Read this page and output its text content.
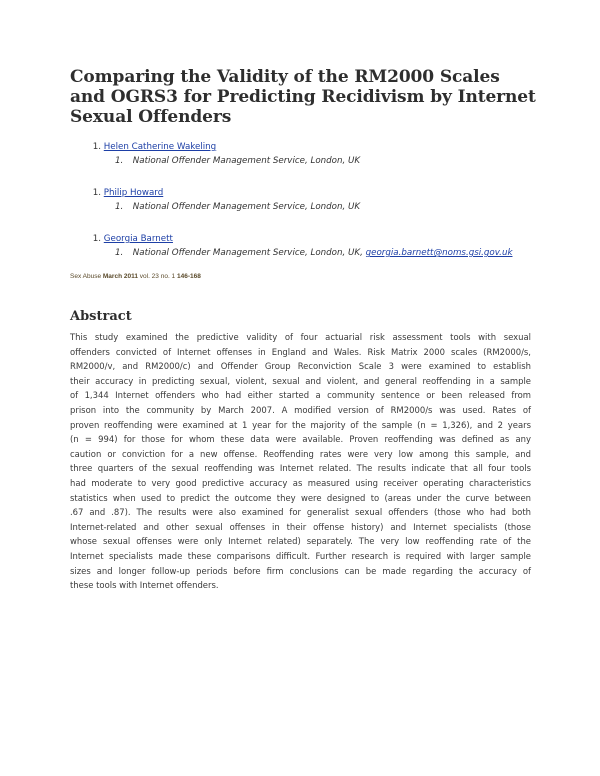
Comparing the Validity of the RM2000 Scales and OGRS3 for Predicting Recidivism by Internet Sexual Offenders
1. Helen Catherine Wakeling
1. National Offender Management Service, London, UK
1. Philip Howard
1. National Offender Management Service, London, UK
1. Georgia Barnett
1. National Offender Management Service, London, UK, georgia.barnett@noms.gsi.gov.uk
Sex Abuse March 2011 vol. 23 no. 1 146-168
Abstract

This study examined the predictive validity of four actuarial risk assessment tools with sexual
offenders convicted of Internet offenses in England and Wales. Risk Matrix 2000 scales (RM2000/s,
RM2000/v, and RM2000/c) and Offender Group Reconviction Scale 3 were examined to establish
their accuracy in predicting sexual, violent, sexual and violent, and general reoffending in a sample
of 1,344 Internet offenders who had either started a community sentence or been released from
prison into the community by March 2007. A modified version of RM2000/s was used. Rates of
proven reoffending were examined at 1 year for the majority of the sample (n = 1,326), and 2 years
(n = 994) for those for whom these data were available. Proven reoffending was defined as any
caution or conviction for a new offense. Reoffending rates were very low among this sample, and
three quarters of the sexual reoffending was Internet related. The results indicate that all four tools
had moderate to very good predictive accuracy as measured using receiver operating characteristics
statistics when used to predict the outcome they were designed to (areas under the curve between
.67 and .87). The results were also examined for generalist sexual offenders (those who had both
Internet-related and other sexual offenses in their offense history) and Internet specialists (those
whose sexual offenses were only Internet related) separately. The very low reoffending rate of the
Internet specialists made these comparisons difficult. Further research is required with larger sample
sizes and longer follow-up periods before firm conclusions can be made regarding the accuracy of
these tools with Internet offenders.
